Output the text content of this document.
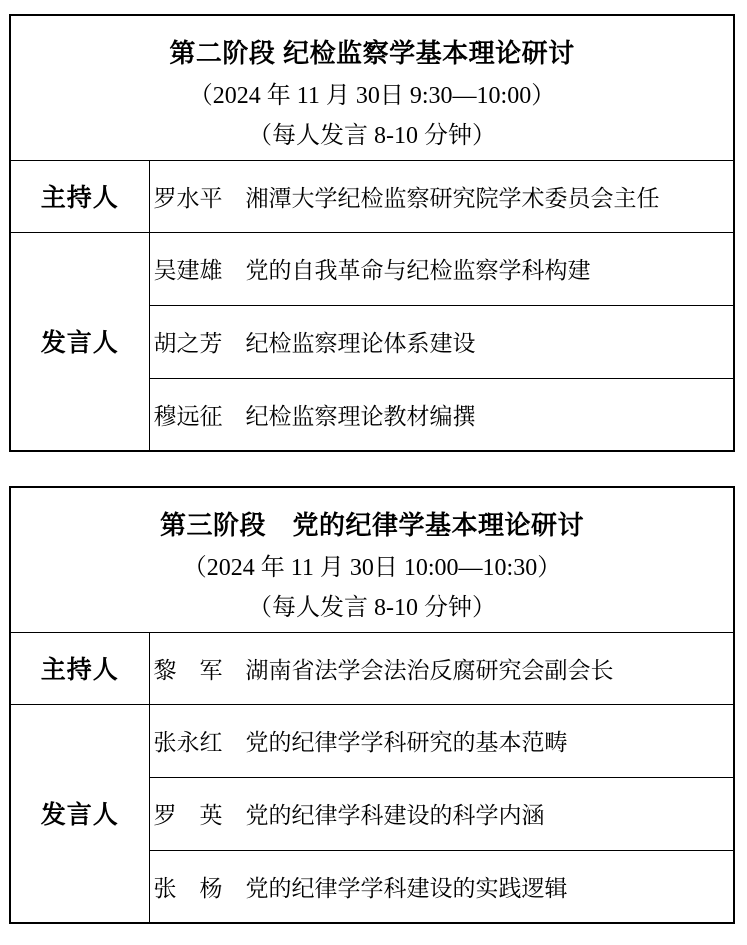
第二阶段 纪检监察学基本理论研讨
（2024 年 11 月 30日 9:30—10:00）
（每人发言 8-10 分钟）	

主持人	罗水平　湘潭大学纪检监察研究院学术委员会主任
发言人	吴建雄　党的自我革命与纪检监察学科构建
	胡之芳　纪检监察理论体系建设
	穆远征　纪检监察理论教材编撰
第三阶段　党的纪律学基本理论研讨
（2024 年 11 月 30日 10:00—10:30）
（每人发言 8-10 分钟）	

主持人	黎　军　湖南省法学会法治反腐研究会副会长
发言人	张永红　党的纪律学学科研究的基本范畴
	罗　英　党的纪律学科建设的科学内涵
	张　杨　党的纪律学学科建设的实践逻辑
